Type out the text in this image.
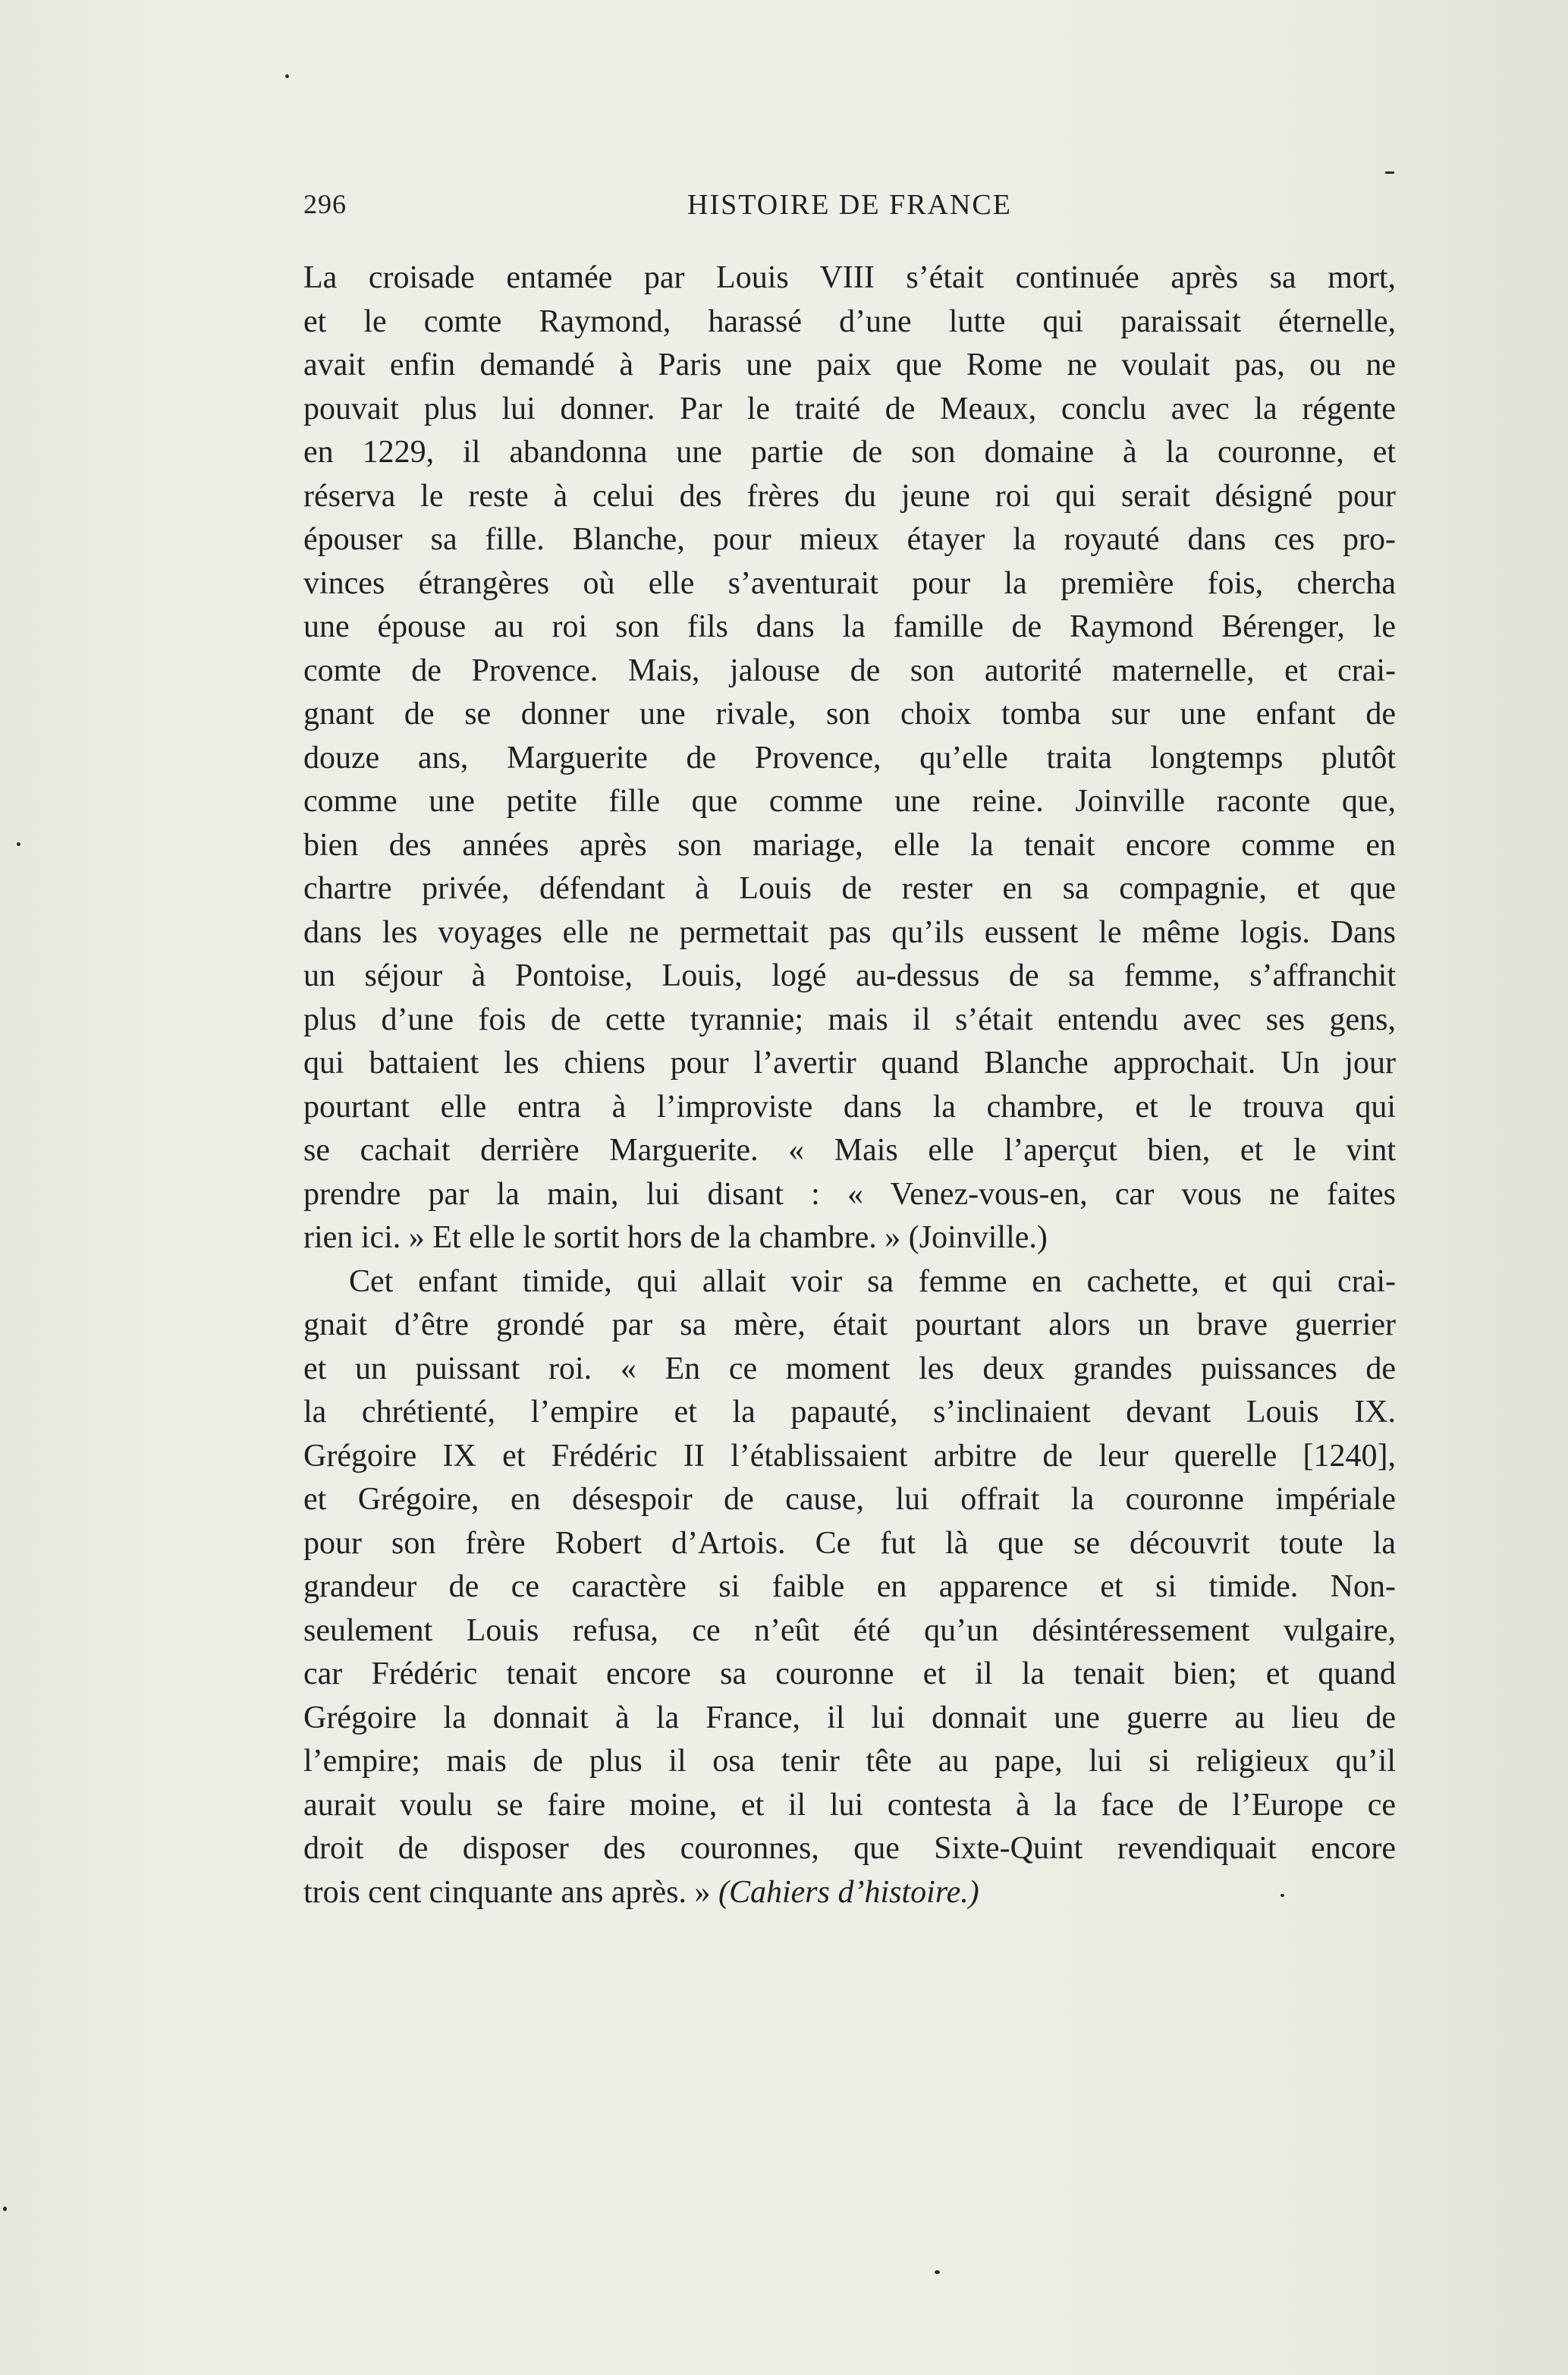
296	HISTOIRE DE FRANCE
La croisade entamée par Louis VIII s’était continuée après sa mort,
et le comte Raymond, harassé d’une lutte qui paraissait éternelle,
avait enfin demandé à Paris une paix que Rome ne voulait pas, ou ne
pouvait plus lui donner. Par le traité de Meaux, conclu avec la régente
en 1229, il abandonna une partie de son domaine à la couronne, et
réserva le reste à celui des frères du jeune roi qui serait désigné pour
épouser sa fille. Blanche, pour mieux étayer la royauté dans ces pro-
vinces étrangères où elle s’aventurait pour la première fois, chercha
une épouse au roi son fils dans la famille de Raymond Bérenger, le
comte de Provence. Mais, jalouse de son autorité maternelle, et crai-
gnant de se donner une rivale, son choix tomba sur une enfant de
douze ans, Marguerite de Provence, qu’elle traita longtemps plutôt
comme une petite fille que comme une reine. Joinville raconte que,
bien des années après son mariage, elle la tenait encore comme en
chartre privée, défendant à Louis de rester en sa compagnie, et que
dans les voyages elle ne permettait pas qu’ils eussent le même logis. Dans
un séjour à Pontoise, Louis, logé au-dessus de sa femme, s’affranchit
plus d’une fois de cette tyrannie; mais il s’était entendu avec ses gens,
qui battaient les chiens pour l’avertir quand Blanche approchait. Un jour
pourtant elle entra à l’improviste dans la chambre, et le trouva qui
se cachait derrière Marguerite. « Mais elle l’aperçut bien, et le vint
prendre par la main, lui disant : « Venez-vous-en, car vous ne faites
rien ici. » Et elle le sortit hors de la chambre. » (Joinville.)
Cet enfant timide, qui allait voir sa femme en cachette, et qui crai-
gnait d’être grondé par sa mère, était pourtant alors un brave guerrier
et un puissant roi. « En ce moment les deux grandes puissances de
la chrétienté, l’empire et la papauté, s’inclinaient devant Louis IX.
Grégoire IX et Frédéric II l’établissaient arbitre de leur querelle [1240],
et Grégoire, en désespoir de cause, lui offrait la couronne impériale
pour son frère Robert d’Artois. Ce fut là que se découvrit toute la
grandeur de ce caractère si faible en apparence et si timide. Non-
seulement Louis refusa, ce n’eût été qu’un désintéressement vulgaire,
car Frédéric tenait encore sa couronne et il la tenait bien; et quand
Grégoire la donnait à la France, il lui donnait une guerre au lieu de
l’empire; mais de plus il osa tenir tête au pape, lui si religieux qu’il
aurait voulu se faire moine, et il lui contesta à la face de l’Europe ce
droit de disposer des couronnes, que Sixte-Quint revendiquait encore
trois cent cinquante ans après. » (Cahiers d’histoire.)
